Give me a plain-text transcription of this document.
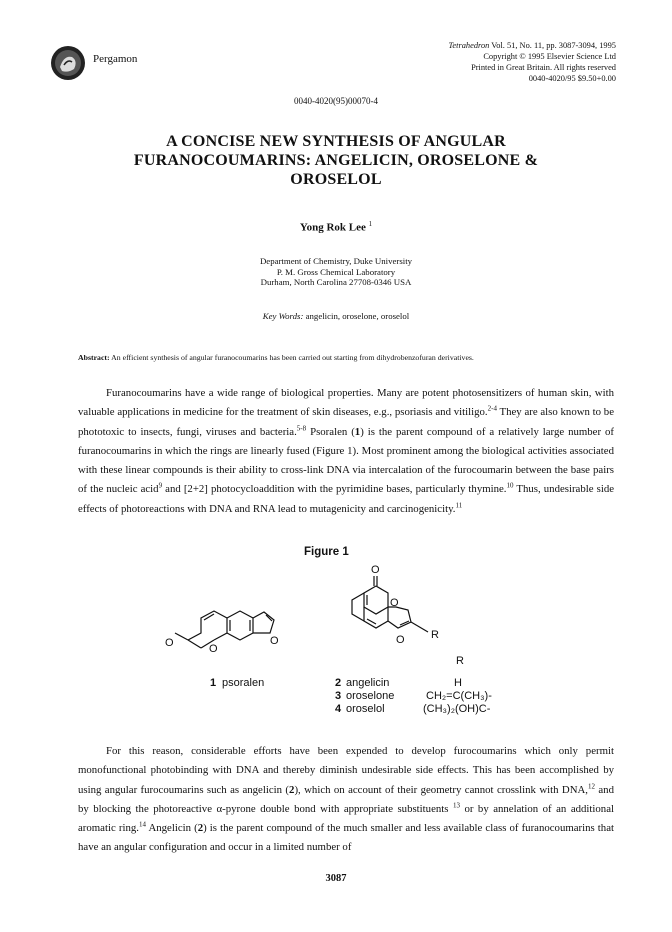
Pergamon
Tetrahedron Vol. 51, No. 11, pp. 3087-3094, 1995
Copyright © 1995 Elsevier Science Ltd
Printed in Great Britain. All rights reserved
0040-4020/95 $9.50+0.00
0040-4020(95)00070-4
A CONCISE NEW SYNTHESIS OF ANGULAR
FURANOCOUMARINS: ANGELICIN, OROSELONE &
OROSELOL
Yong Rok Lee $^1$
Department of Chemistry, Duke University
P. M. Gross Chemical Laboratory
Durham, North Carolina 27708-0346 USA
Key Words: angelicin, oroselone, oroselol
Abstract: An efficient synthesis of angular furanocoumarins has been carried out starting from dihydrobenzofuran derivatives.

Furanocoumarins have a wide range of biological properties. Many are potent photosensitizers of human skin, with valuable applications in medicine for the treatment of skin diseases, e.g., psoriasis and vitiligo.$^{2-4}$ They are also known to be phototoxic to insects, fungi, viruses and bacteria.$^{5-8}$ Psoralen (1) is the parent compound of a relatively large number of furanocoumarins in which the rings are linearly fused (Figure 1). Most prominent among the biological activities associated with these linear compounds is their ability to cross-link DNA via intercalation of the furocoumarin between the base pairs of the nucleic acid$^9$ and [2+2] photocycloaddition with the pyrimidine bases, particularly thymine.$^{10}$ Thus, undesirable side effects of photoreactions with DNA and RNA lead to mutagenicity and carcinogenicity.$^{11}$

Figure 1
O	O
O
1 psoralen
O
O
O R
R
2 angelicin	H
3 oroselone	CH₂=C(CH₃)-
4 oroselol	(CH₃)₂(OH)C-

For this reason, considerable efforts have been expended to develop furocoumarins which only permit monofunctional photobinding with DNA and thereby diminish undesirable side effects. This has been accomplished by using angular furocoumarins such as angelicin (2), which on account of their geometry cannot crosslink with DNA,$^{12}$ and by blocking the photoreactive α-pyrone double bond with appropriate substituents $^{13}$ or by annelation of an additional aromatic ring.$^{14}$ Angelicin (2) is the parent compound of the much smaller and less available class of furanocoumarins that have an angular configuration and occur in a limited number of

3087
